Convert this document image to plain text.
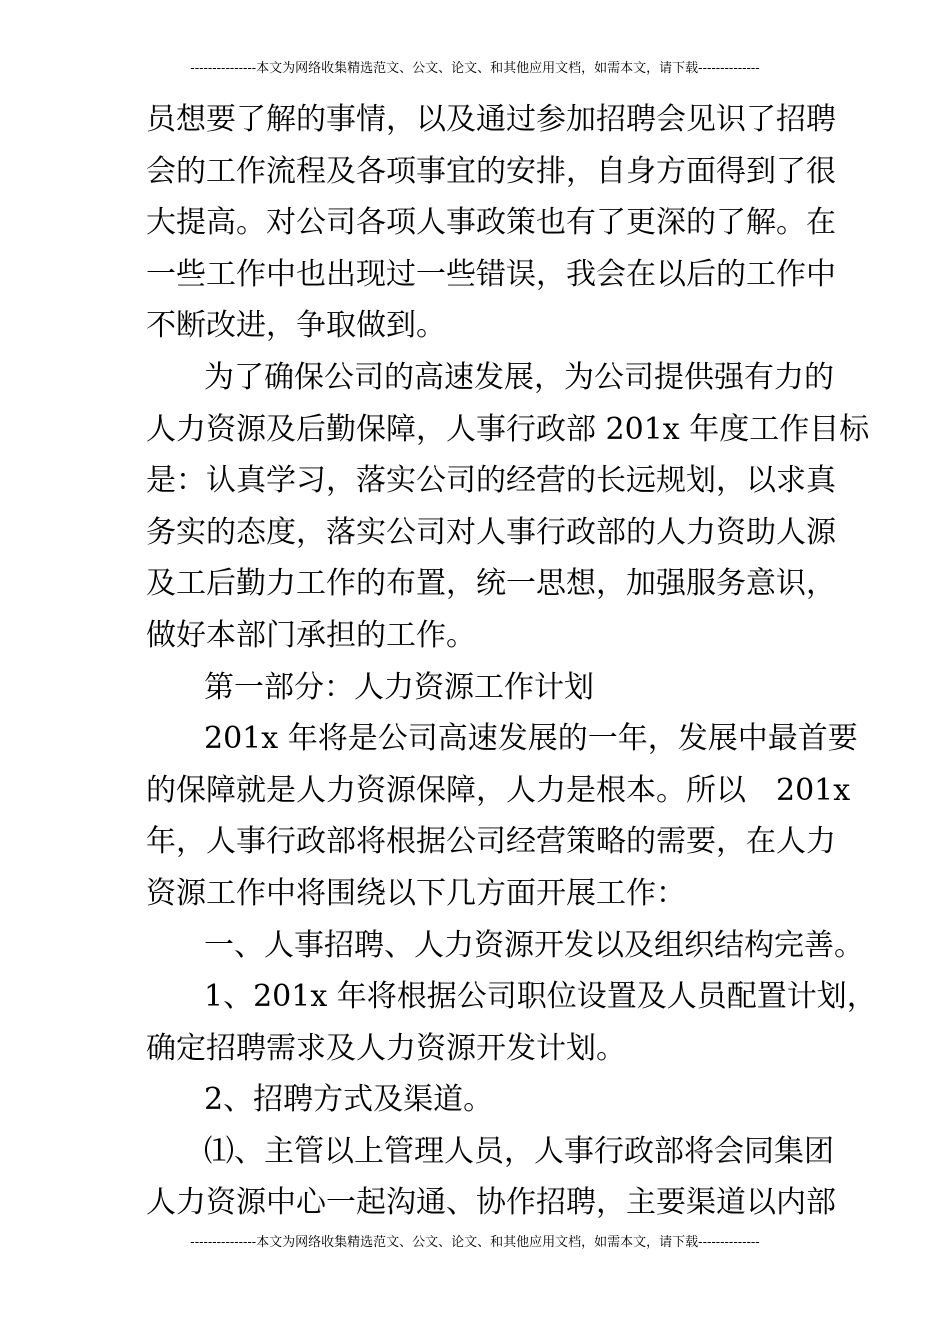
---------------本文为网络收集精选范文、公文、论文、和其他应用文档，如需本文，请下载--------------
员想要了解的事情，以及通过参加招聘会见识了招聘
会的工作流程及各项事宜的安排，自身方面得到了很
大提高。对公司各项人事政策也有了更深的了解。在
一些工作中也出现过一些错误，我会在以后的工作中
不断改进，争取做到。
为了确保公司的高速发展，为公司提供强有力的
人力资源及后勤保障，人事行政部 201x 年度工作目标
是：认真学习，落实公司的经营的长远规划，以求真
务实的态度，落实公司对人事行政部的人力资助人源
及工后勤力工作的布置，统一思想，加强服务意识，
做好本部门承担的工作。
第一部分：人力资源工作计划
201x 年将是公司高速发展的一年，发展中最首要
的保障就是人力资源保障，人力是根本。所以　201x
年，人事行政部将根据公司经营策略的需要，在人力
资源工作中将围绕以下几方面开展工作：
一、人事招聘、人力资源开发以及组织结构完善。
1、201x 年将根据公司职位设置及人员配置计划，
确定招聘需求及人力资源开发计划。
2、招聘方式及渠道。
⑴、主管以上管理人员，人事行政部将会同集团
人力资源中心一起沟通、协作招聘，主要渠道以内部
---------------本文为网络收集精选范文、公文、论文、和其他应用文档，如需本文，请下载--------------
